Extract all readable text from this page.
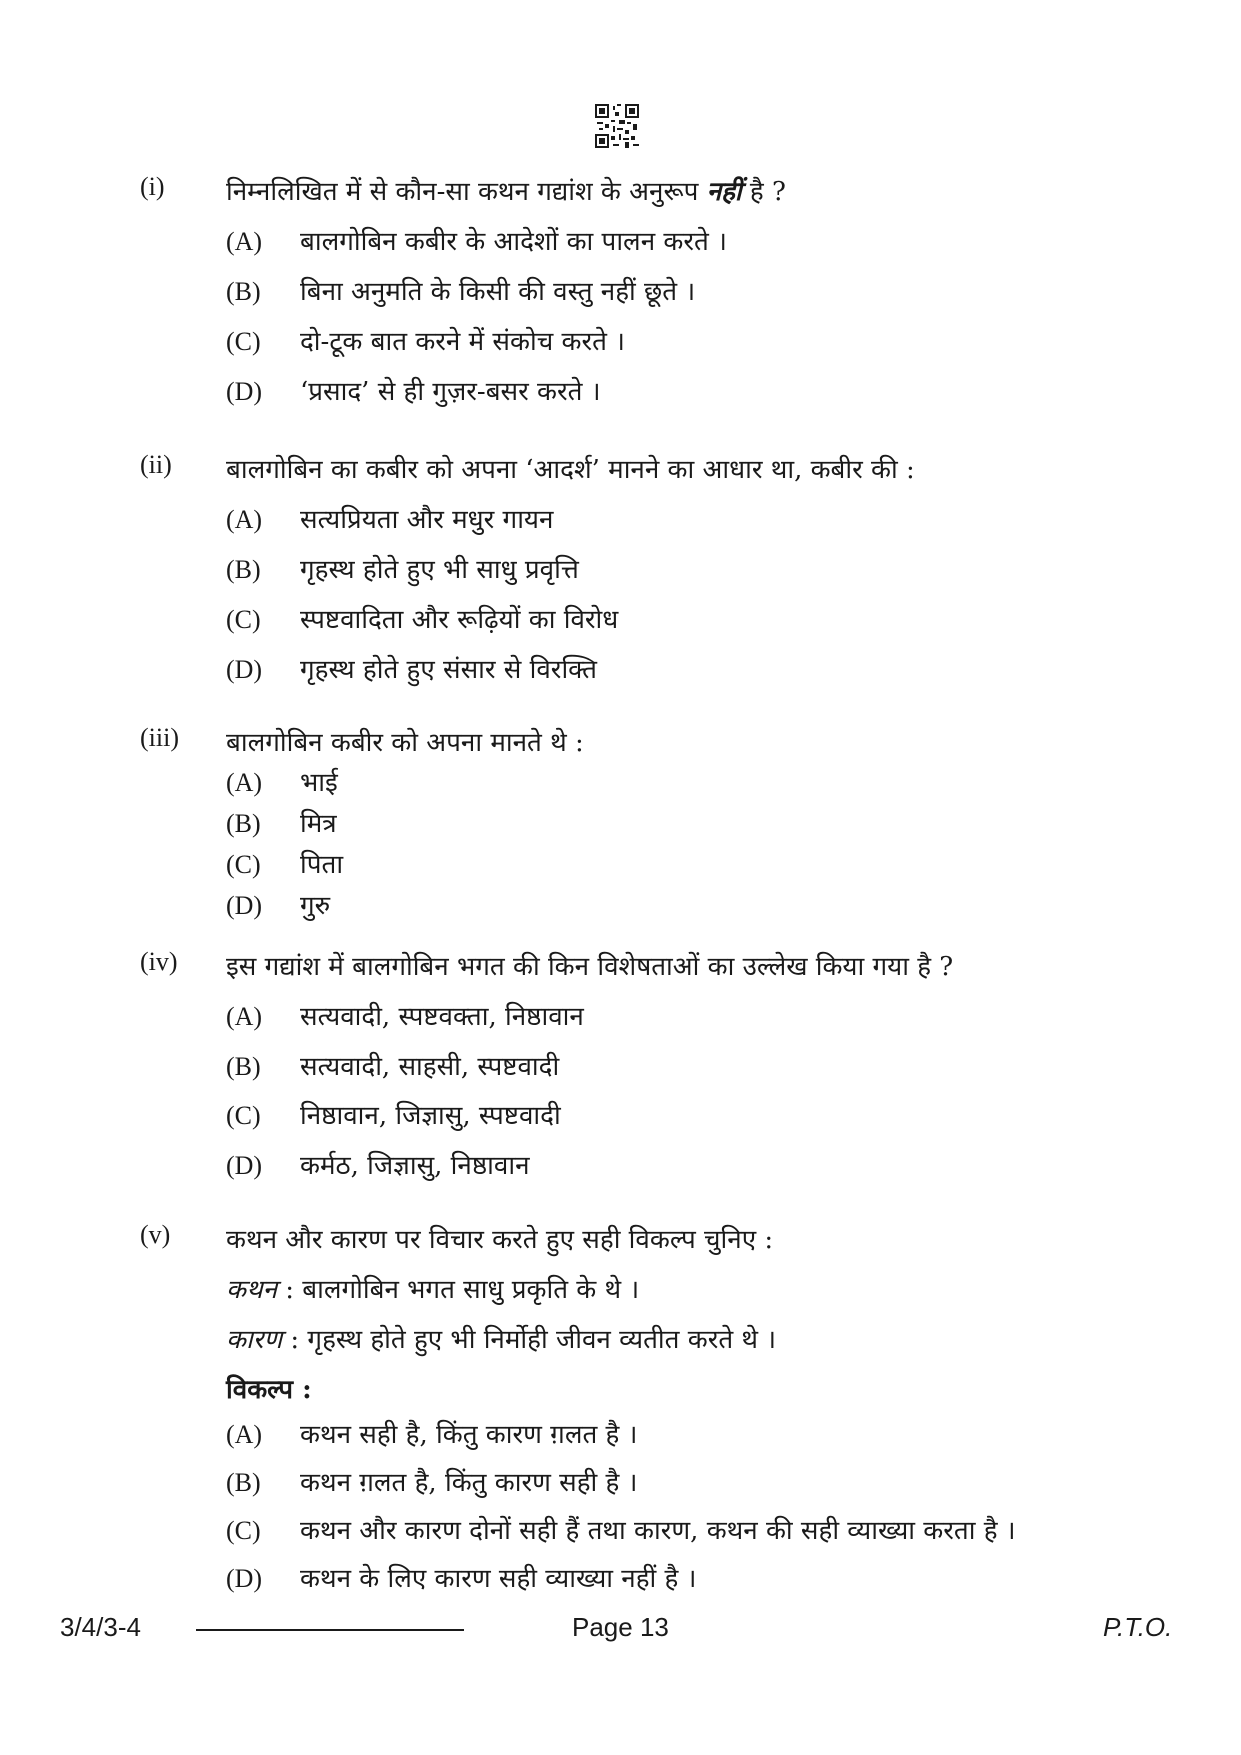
(i) निम्नलिखित में से कौन-सा कथन गद्यांश के अनुरूप नहीं है ?
(A) बालगोबिन कबीर के आदेशों का पालन करते ।
(B) बिना अनुमति के किसी की वस्तु नहीं छूते ।
(C) दो-टूक बात करने में संकोच करते ।
(D) ‘प्रसाद’ से ही गुज़र-बसर करते ।
(ii) बालगोबिन का कबीर को अपना ‘आदर्श’ मानने का आधार था, कबीर की :
(A) सत्यप्रियता और मधुर गायन
(B) गृहस्थ होते हुए भी साधु प्रवृत्ति
(C) स्पष्टवादिता और रूढ़ियों का विरोध
(D) गृहस्थ होते हुए संसार से विरक्ति
(iii) बालगोबिन कबीर को अपना मानते थे :
(A) भाई
(B) मित्र
(C) पिता
(D) गुरु
(iv) इस गद्यांश में बालगोबिन भगत की किन विशेषताओं का उल्लेख किया गया है ?
(A) सत्यवादी, स्पष्टवक्ता, निष्ठावान
(B) सत्यवादी, साहसी, स्पष्टवादी
(C) निष्ठावान, जिज्ञासु, स्पष्टवादी
(D) कर्मठ, जिज्ञासु, निष्ठावान
(v) कथन और कारण पर विचार करते हुए सही विकल्प चुनिए :
कथन : बालगोबिन भगत साधु प्रकृति के थे ।
कारण : गृहस्थ होते हुए भी निर्मोही जीवन व्यतीत करते थे ।
विकल्प :
(A) कथन सही है, किंतु कारण ग़लत है ।
(B) कथन ग़लत है, किंतु कारण सही है ।
(C) कथन और कारण दोनों सही हैं तथा कारण, कथन की सही व्याख्या करता है ।
(D) कथन के लिए कारण सही व्याख्या नहीं है ।
3/4/3-4	Page 13	P.T.O.
